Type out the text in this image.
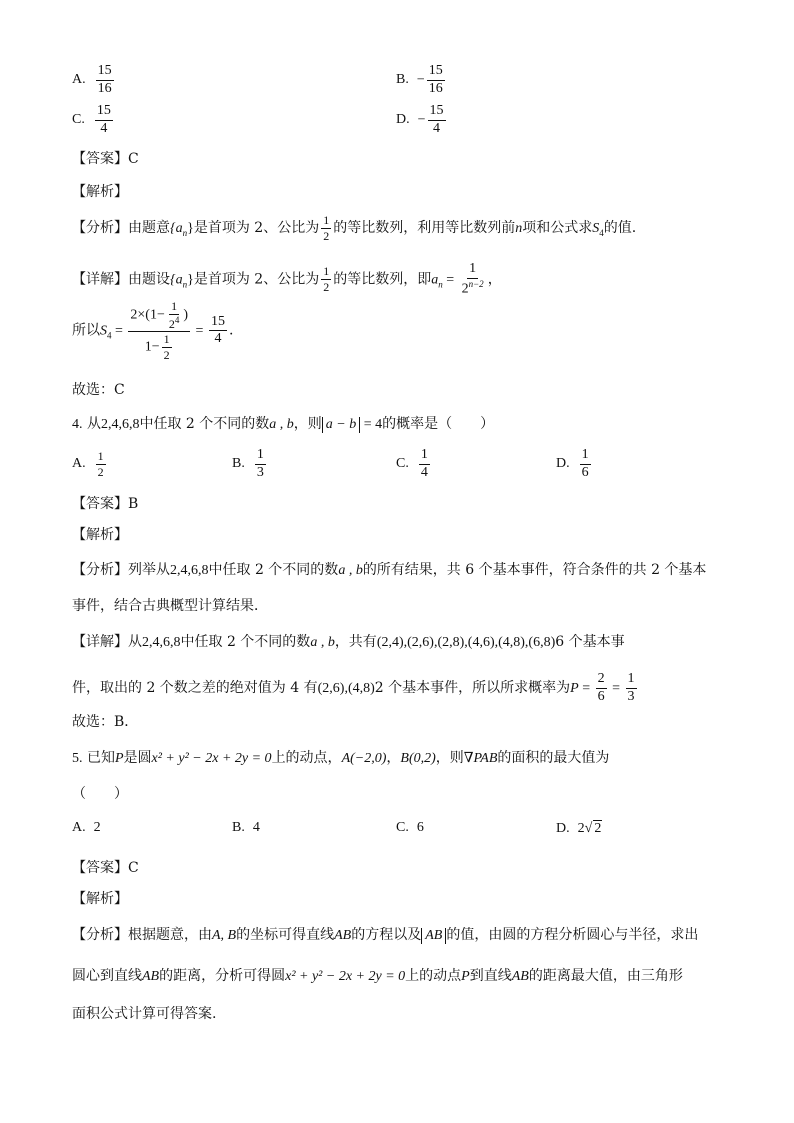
A. $\frac{15}{16}$	B. − $\frac{15}{16}$
C. $\frac{15}{4}$	D. − $\frac{15}{4}$
【答案】C
【解析】
【分析】由题意$\{a_n\}$是首项为 2、公比为 $\frac{1}{2}$ 的等比数列，利用等比数列前n项和公式求$S_4$的值.
【详解】由题设$\{a_n\}$是首项为 2、公比为 $\frac{1}{2}$ 的等比数列，即$a_n = \frac{1}{2^{n-2}}$ ，
所以$S_4 = \frac{2\times(1- \frac{1}{2^4} )}{1- \frac{1}{2}} = \frac{15}{4}$ .
故选：C
4. 从2,4,6,8中任取 2 个不同的数a , b，则 a − b = 4的概率是（　　）
A. $\frac{1}{2}$	B. $\frac{1}{3}$	C. $\frac{1}{4}$	D. $\frac{1}{6}$
【答案】B
【解析】
【分析】列举从2,4,6,8中任取 2 个不同的数a , b的所有结果，共 6 个基本事件，符合条件的共 2 个基本
事件，结合古典概型计算结果．
【详解】从2,4,6,8中任取 2 个不同的数a , b，共有(2,4),(2,6),(2,8),(4,6),(4,8),(6,8)6 个基本事
件，取出的 2 个数之差的绝对值为 4 有(2,6),(4,8)2 个基本事件，所以所求概率为$P = \frac{2}{6} = \frac{1}{3}$
故选：B．
5. 已知P是圆x² + y² − 2x + 2y = 0上的动点，A(−2,0)，B(0,2)，则∇PAB的面积的最大值为
（　　）
A. 2	B. 4	C. 6	D. 2√ 2
【答案】C
【解析】
【分析】根据题意，由A, B的坐标可得直线AB的方程以及 AB 的值，由圆的方程分析圆心与半径，求出
圆心到直线AB的距离，分析可得圆x² + y² − 2x + 2y = 0上的动点P到直线AB的距离最大值，由三角形
面积公式计算可得答案.
